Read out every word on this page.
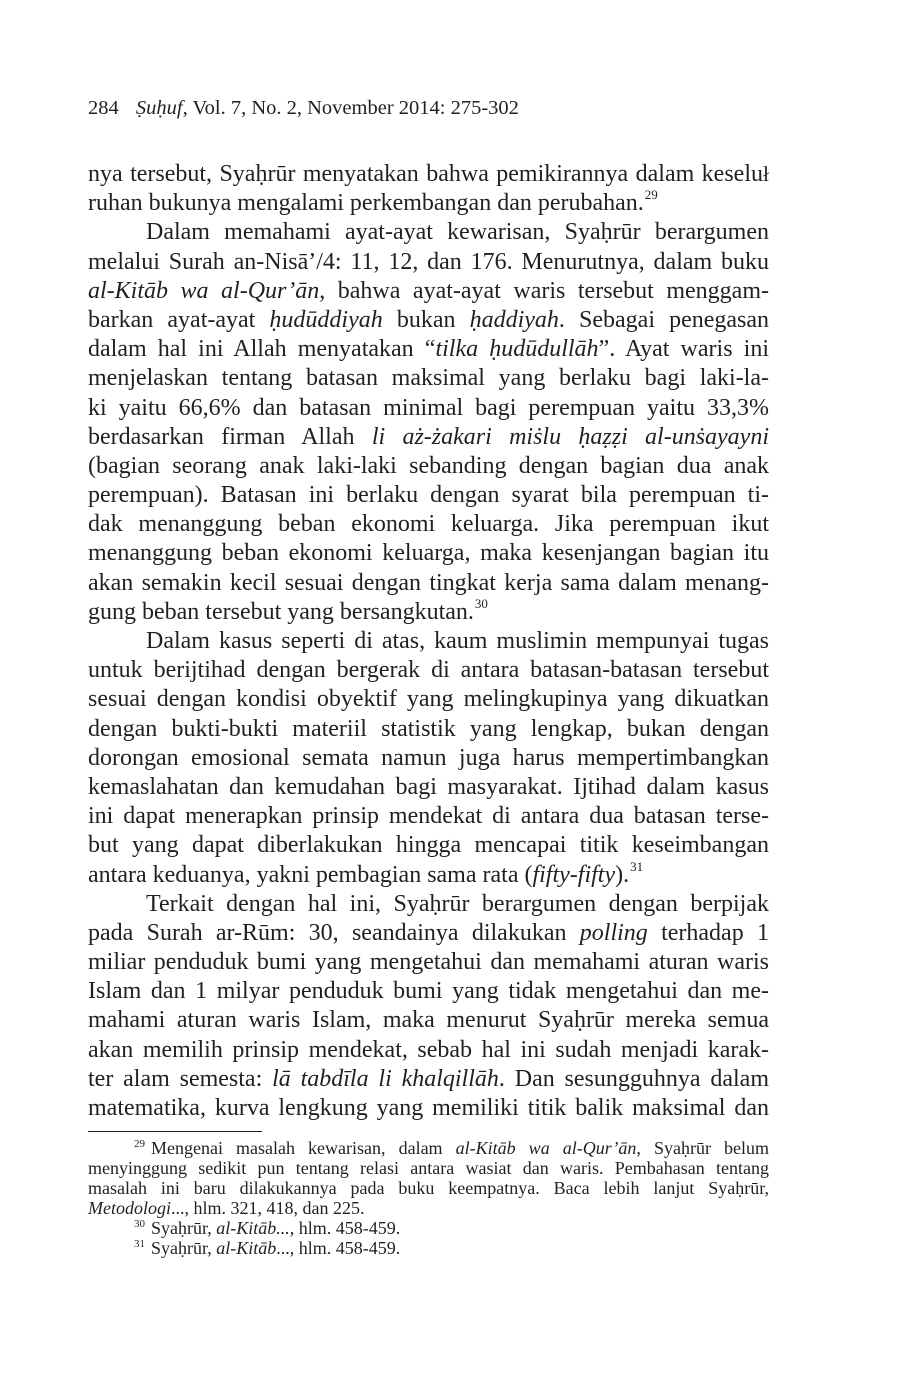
284 Ṣuḥuf, Vol. 7, No. 2, November 2014: 275-302
nya tersebut, Syaḥrūr menyatakan bahwa pemikirannya dalam keseluł
ruhan bukunya mengalami perkembangan dan perubahan.$^{29}$
Dalam memahami ayat-ayat kewarisan, Syaḥrūr berargumen
melalui Surah an-Nisā’/4: 11, 12, dan 176. Menurutnya, dalam buku
al-Kitāb wa al-Qur’ān, bahwa ayat-ayat waris tersebut menggam-
barkan ayat-ayat ḥudūddiyah bukan ḥaddiyah. Sebagai penegasan
dalam hal ini Allah menyatakan “tilka ḥudūdullāh”. Ayat waris ini
menjelaskan tentang batasan maksimal yang berlaku bagi laki-la-
ki yaitu 66,6% dan batasan minimal bagi perempuan yaitu 33,3%
berdasarkan firman Allah li aż-żakari miṡlu ḥaẓẓi al-unṡayayni
(bagian seorang anak laki-laki sebanding dengan bagian dua anak
perempuan). Batasan ini berlaku dengan syarat bila perempuan ti-
dak menanggung beban ekonomi keluarga. Jika perempuan ikut
menanggung beban ekonomi keluarga, maka kesenjangan bagian itu
akan semakin kecil sesuai dengan tingkat kerja sama dalam menang-
gung beban tersebut yang bersangkutan.$^{30}$
Dalam kasus seperti di atas, kaum muslimin mempunyai tugas
untuk berijtihad dengan bergerak di antara batasan-batasan tersebut
sesuai dengan kondisi obyektif yang melingkupinya yang dikuatkan
dengan bukti-bukti materiil statistik yang lengkap, bukan dengan
dorongan emosional semata namun juga harus mempertimbangkan
kemaslahatan dan kemudahan bagi masyarakat. Ijtihad dalam kasus
ini dapat menerapkan prinsip mendekat di antara dua batasan terse-
but yang dapat diberlakukan hingga mencapai titik keseimbangan
antara keduanya, yakni pembagian sama rata (fifty-fifty).$^{31}$
Terkait dengan hal ini, Syaḥrūr berargumen dengan berpijak
pada Surah ar-Rūm: 30, seandainya dilakukan polling terhadap 1
miliar penduduk bumi yang mengetahui dan memahami aturan waris
Islam dan 1 milyar penduduk bumi yang tidak mengetahui dan me-
mahami aturan waris Islam, maka menurut Syaḥrūr mereka semua
akan memilih prinsip mendekat, sebab hal ini sudah menjadi karak-
ter alam semesta: lā tabdīla li khalqillāh. Dan sesungguhnya dalam
matematika, kurva lengkung yang memiliki titik balik maksimal dan
$^{29}$ Mengenai masalah kewarisan, dalam al-Kitāb wa al-Qur’ān, Syaḥrūr belum
menyinggung sedikit pun tentang relasi antara wasiat dan waris. Pembahasan tentang
masalah ini baru dilakukannya pada buku keempatnya. Baca lebih lanjut Syaḥrūr,
Metodologi..., hlm. 321, 418, dan 225.
$^{30}$ Syaḥrūr, al-Kitāb..., hlm. 458-459.
$^{31}$ Syaḥrūr, al-Kitāb..., hlm. 458-459.
